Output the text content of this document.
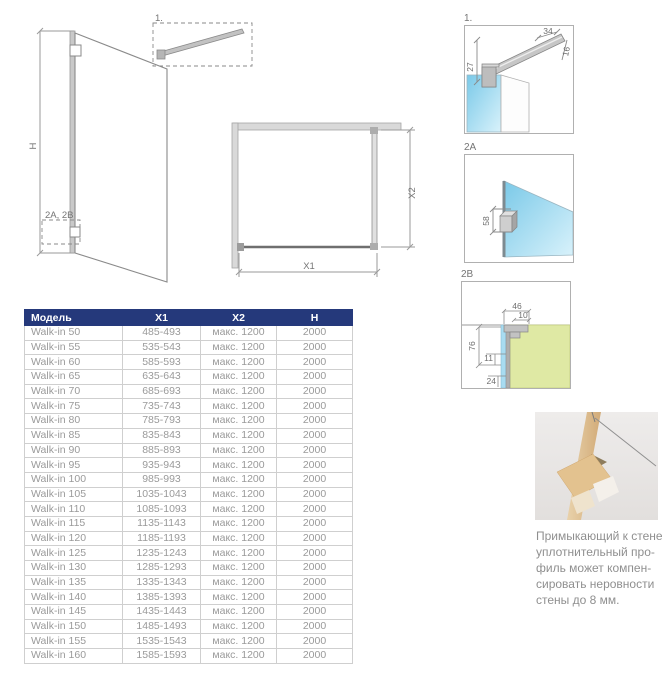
H
1.
2A, 2B
X2
X1
1.
27
34
16
2A
58
2B
46
10
76
11
24
Модель	X1	X2	H
Walk-in 50	485-493	макс. 1200	2000
Walk-in 55	535-543	макс. 1200	2000
Walk-in 60	585-593	макс. 1200	2000
Walk-in 65	635-643	макс. 1200	2000
Walk-in 70	685-693	макс. 1200	2000
Walk-in 75	735-743	макс. 1200	2000
Walk-in 80	785-793	макс. 1200	2000
Walk-in 85	835-843	макс. 1200	2000
Walk-in 90	885-893	макс. 1200	2000
Walk-in 95	935-943	макс. 1200	2000
Walk-in 100	985-993	макс. 1200	2000
Walk-in 105	1035-1043	макс. 1200	2000
Walk-in 110	1085-1093	макс. 1200	2000
Walk-in 115	1135-1143	макс. 1200	2000
Walk-in 120	1185-1193	макс. 1200	2000
Walk-in 125	1235-1243	макс. 1200	2000
Walk-in 130	1285-1293	макс. 1200	2000
Walk-in 135	1335-1343	макс. 1200	2000
Walk-in 140	1385-1393	макс. 1200	2000
Walk-in 145	1435-1443	макс. 1200	2000
Walk-in 150	1485-1493	макс. 1200	2000
Walk-in 155	1535-1543	макс. 1200	2000
Walk-in 160	1585-1593	макс. 1200	2000
Примыкающий к стене
уплотнительный про-
филь может компен-
сировать неровности
стены до 8 мм.
